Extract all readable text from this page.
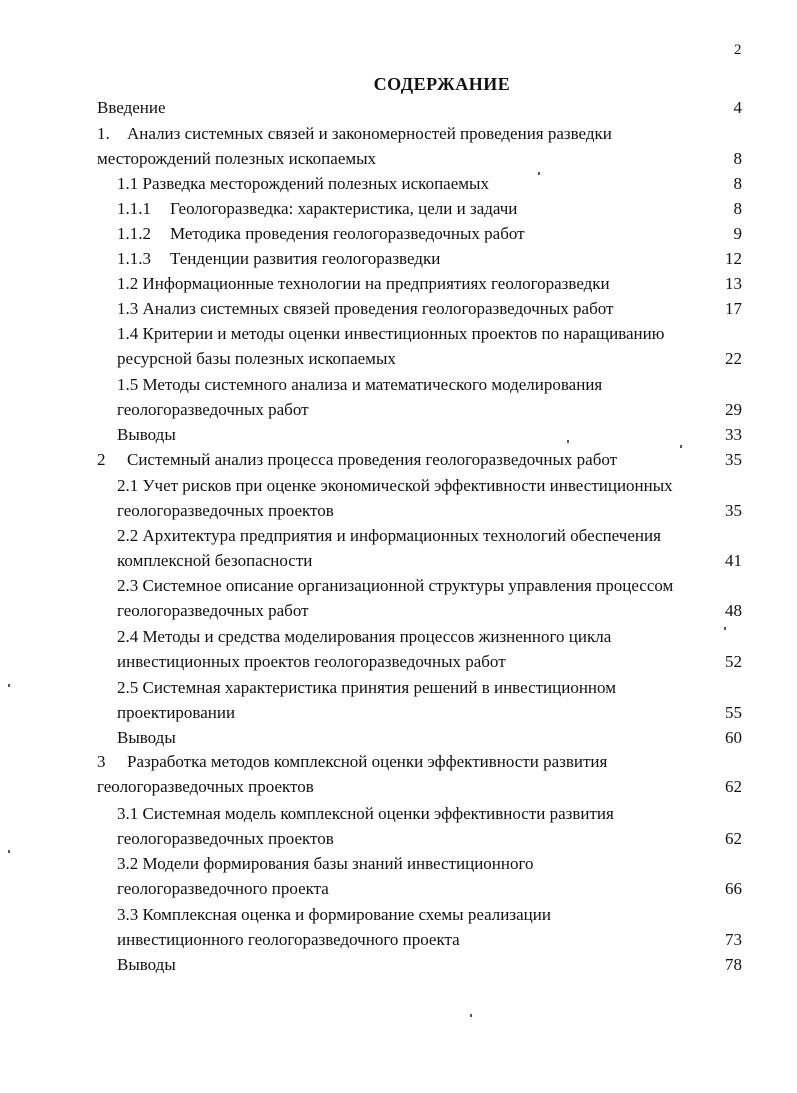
2
СОДЕРЖАНИЕ
Введение	4
1. Анализ системных связей и закономерностей проведения разведки
месторождений полезных ископаемых	8
1.1 Разведка месторождений полезных ископаемых	8
1.1.1 Геологоразведка: характеристика, цели и задачи	8
1.1.2 Методика проведения геологоразведочных работ	9
1.1.3 Тенденции развития геологоразведки	12
1.2 Информационные технологии на предприятиях геологоразведки	13
1.3 Анализ системных связей проведения геологоразведочных работ	17
1.4 Критерии и методы оценки инвестиционных проектов по наращиванию
ресурсной базы полезных ископаемых	22
1.5 Методы системного анализа и математического моделирования
геологоразведочных работ	29
Выводы	33
2 Системный анализ процесса проведения геологоразведочных работ	35
2.1 Учет рисков при оценке экономической эффективности инвестиционных
геологоразведочных проектов	35
2.2 Архитектура предприятия и информационных технологий обеспечения
комплексной безопасности	41
2.3 Системное описание организационной структуры управления процессом
геологоразведочных работ	48
2.4 Методы и средства моделирования процессов жизненного цикла
инвестиционных проектов геологоразведочных работ	52
2.5 Системная характеристика принятия решений в инвестиционном
проектировании	55
Выводы	60
3 Разработка методов комплексной оценки эффективности развития
геологоразведочных проектов	62
3.1 Системная модель комплексной оценки эффективности развития
геологоразведочных проектов	62
3.2 Модели формирования базы знаний инвестиционного
геологоразведочного проекта	66
3.3 Комплексная оценка и формирование схемы реализации
инвестиционного геологоразведочного проекта	73
Выводы	78
